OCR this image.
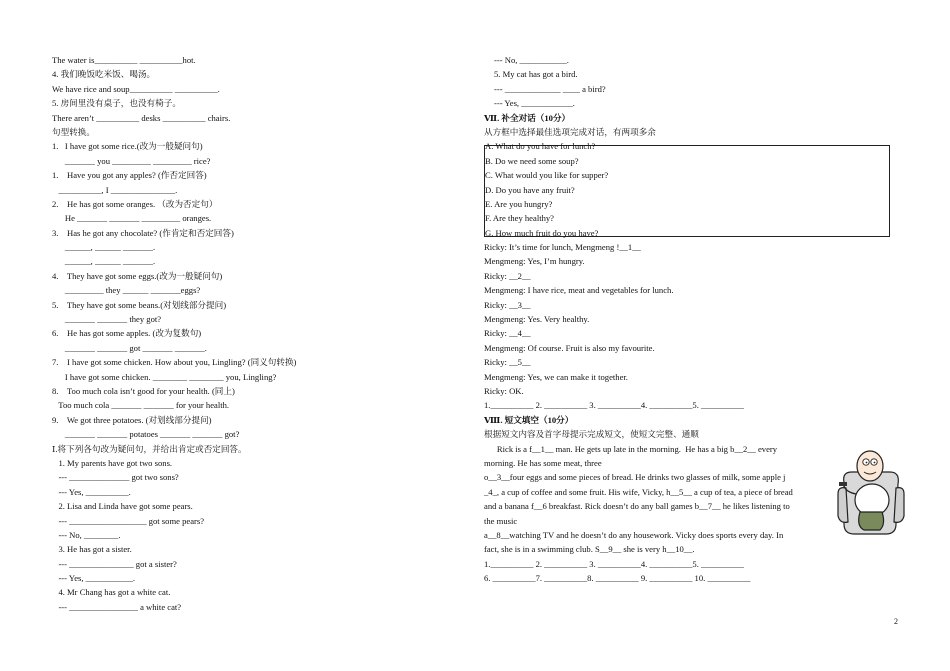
The water is__________ __________hot.
4. 我们晚饭吃米饭、喝汤。
We have rice and soup__________ __________.
5. 房间里没有桌子，也没有椅子。
There aren’t __________ desks __________ chairs.
句型转换。
1.   I have got some rice.(改为一般疑问句)
_______ you _________ _________ rice?
1.    Have you got any apples? (作否定回答)
__________, I _______________.
2.    He has got some oranges. （改为否定句）
He _______ _______ _________ oranges.
3.    Has he got any chocolate? (作肯定和否定回答)
______, ______ _______.
______, ______ _______.
4.    They have got some eggs.(改为一般疑问句)
_________ they ______ _______eggs?
5.    They have got some beans.(对划线部分提问)
_______ _______ they got?
6.    He has got some apples. (改为复数句)
_______ _______ got _______ _______.
7.    I have got some chicken. How about you, Lingling? (同义句转换)
I have got some chicken. ________ ________ you, Lingling?
8.    Too much cola isn’t good for your health. (同上)
Too much cola _______ _______ for your health.
9.    We got three potatoes. (对划线部分提问)
_______ _______ potatoes _______ _______ got?
Ⅰ.将下列各句改为疑问句，并给出肯定或否定回答。
1. My parents have got two sons.
--- ______________ got two sons?
--- Yes, __________.
2. Lisa and Linda have got some pears.
--- __________________ got some pears?
--- No, ________.
3. He has got a sister.
--- _______________ got a sister?
--- Yes, ___________.
4. Mr Chang has got a white cat.
--- ________________ a white cat?
--- No, ___________.
5. My cat has got a bird.
--- _____________ ____ a bird?
--- Yes, ____________.
Ⅶ. 补全对话（10分）
从方框中选择最佳选项完成对话，有两项多余
A. What do you have for lunch?
B. Do we need some soup?
C. What would you like for supper?
D. Do you have any fruit?
E. Are you hungry?
F. Are they healthy?
G. How much fruit do you have?
Ricky: It’s time for lunch, Mengmeng !__1__
Mengmeng: Yes, I’m hungry.
Ricky: __2__
Mengmeng: I have rice, meat and vegetables for lunch.
Ricky: __3__
Mengmeng: Yes. Very healthy.
Ricky: __4__
Mengmeng: Of course. Fruit is also my favourite.
Ricky: __5__
Mengmeng: Yes, we can make it together.
Ricky: OK.
1.__________ 2. __________ 3. __________4. __________5. __________
Ⅷ. 短文填空（10分）
根据短文内容及首字母提示完成短文，使短文完整、通顺
Rick is a f__1__ man. He gets up late in the morning.  He has a big b__2__ every
morning. He has some meat, three
o__3__four eggs and some pieces of bread. He drinks two glasses of milk, some apple j
_4_, a cup of coffee and some fruit. His wife, Vicky, h__5__ a cup of tea, a piece of bread
and a banana f__6 breakfast. Rick doesn’t do any ball games b__7__ he likes listening to
the music
a__8__watching TV and he doesn’t do any housework. Vicky does sports every day. In
fact, she is in a swimming club. S__9__ she is very h__10__.
1.__________ 2. __________ 3. __________4. __________5. __________
6. __________7. __________8. __________ 9. __________ 10. __________
2
